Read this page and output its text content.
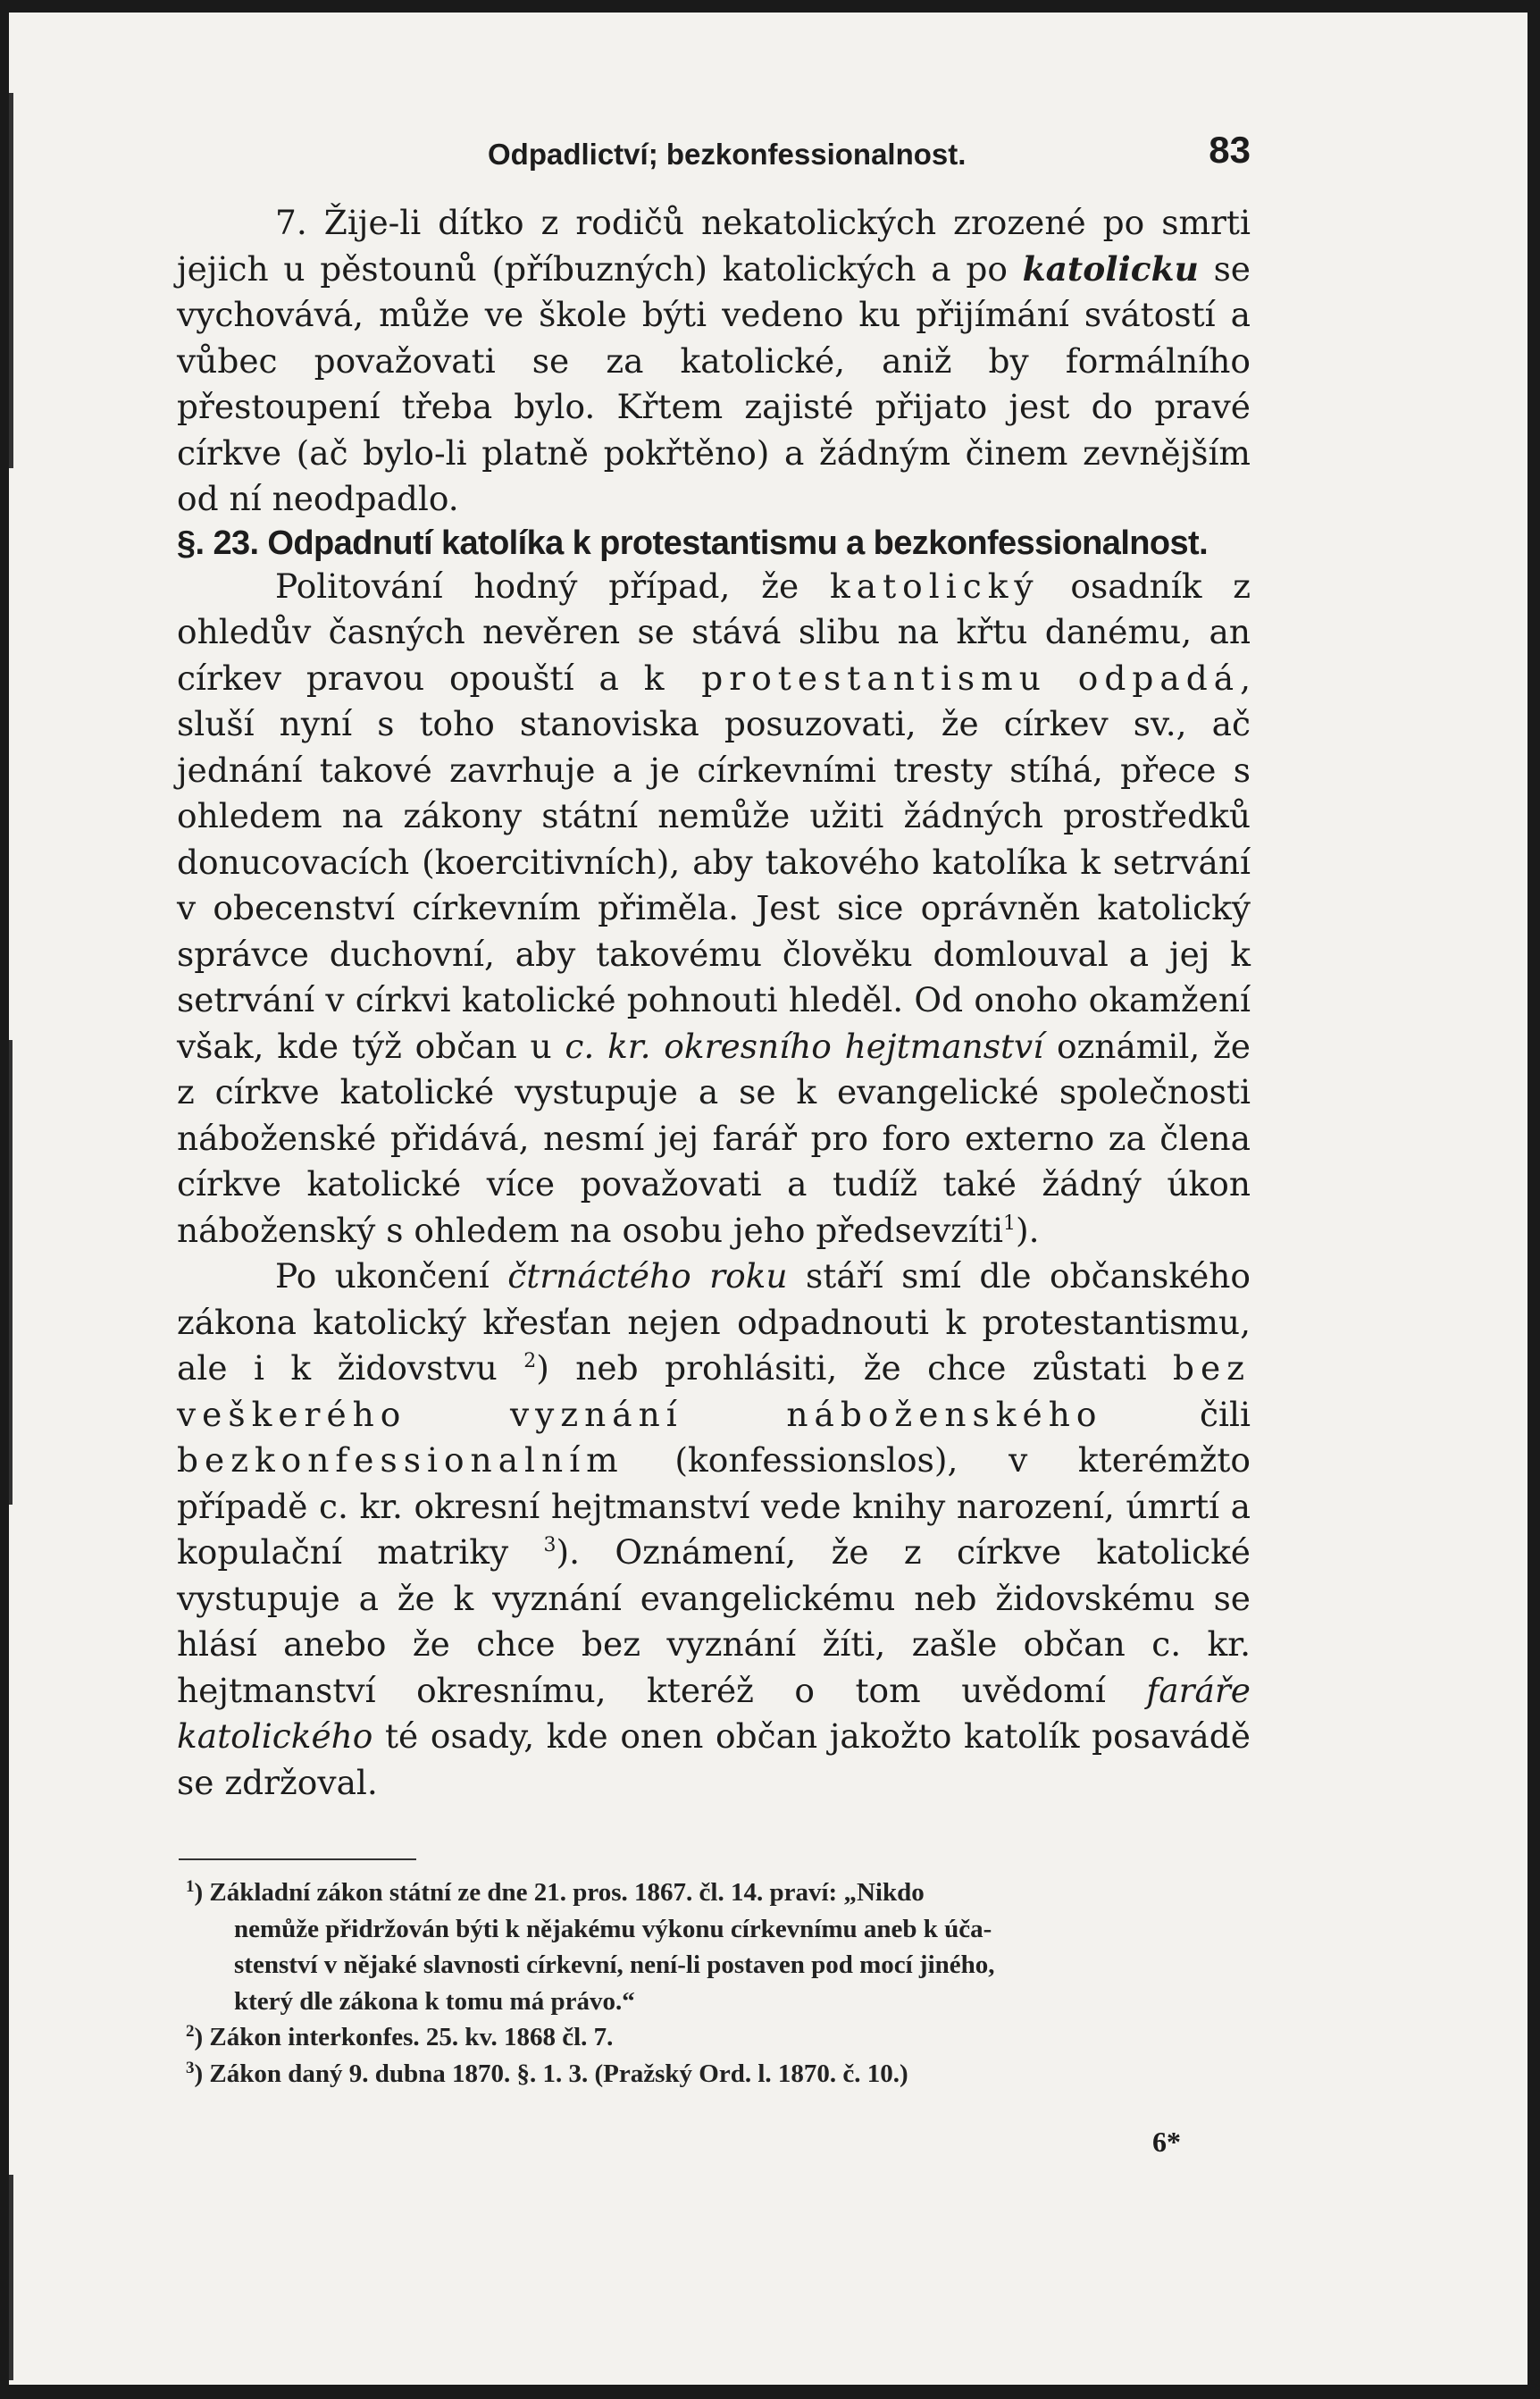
Odpadlictví; bezkonfessionalnost.	83

7. Žije-li dítko z rodičů nekatolických zrozené po smrti jejich u pěstounů (příbuzných) katolických a po katolicku se vychovává, může ve škole býti vedeno ku přijímání svátostí a vůbec považovati se za katolické, aniž by formálního přestoupení třeba bylo. Křtem zajisté přijato jest do pravé církve (ač bylo-li platně pokřtěno) a žádným činem zevnějším od ní neodpadlo.

§. 23. Odpadnutí katolíka k protestantismu a bezkonfessionalnost.

Politování hodný případ, že katolický osadník z ohledův časných nevěren se stává slibu na křtu danému, an církev pravou opouští a k protestantismu odpadá, sluší nyní s toho stanoviska posuzovati, že církev sv., ač jednání takové zavrhuje a je církevními tresty stíhá, přece s ohledem na zákony státní nemůže užiti žádných prostředků donucovacích (koercitivních), aby takového katolíka k setrvání v obecenství církevním přiměla. Jest sice oprávněn katolický správce duchovní, aby takovému člověku domlouval a jej k setrvání v církvi katolické pohnouti hleděl. Od onoho okamžení však, kde týž občan u c. kr. okresního hejtmanství oznámil, že z církve katolické vystupuje a se k evangelické společnosti náboženské přidává, nesmí jej farář pro foro externo za člena církve katolické více považovati a tudíž také žádný úkon náboženský s ohledem na osobu jeho předsevzíti$^1$).

Po ukončení čtrnáctého roku stáří smí dle občanského zákona katolický křesťan nejen odpadnouti k protestantismu, ale i k židovstvu $^2$) neb prohlásiti, že chce zůstati bez veškerého vyznání náboženského čili bezkonfessionalním (konfessionslos), v kterémžto případě c. kr. okresní hejtmanství vede knihy narození, úmrtí a kopulační matriky $^3$). Oznámení, že z církve katolické vystupuje a že k vyznání evangelickému neb židovskému se hlásí anebo že chce bez vyznání žíti, zašle občan c. kr. hejtmanství okresnímu, kteréž o tom uvědomí faráře katolického té osady, kde onen občan jakožto katolík posavádě se zdržoval.

$^1$) Základní zákon státní ze dne 21. pros. 1867. čl. 14. praví: „Nikdo
nemůže přidržován býti k nějakému výkonu církevnímu aneb k úča-
stenství v nějaké slavnosti církevní, není-li postaven pod mocí jiného,
který dle zákona k tomu má právo.“
$^2$) Zákon interkonfes. 25. kv. 1868 čl. 7.
$^3$) Zákon daný 9. dubna 1870. §. 1. 3. (Pražský Ord. l. 1870. č. 10.)
6*
